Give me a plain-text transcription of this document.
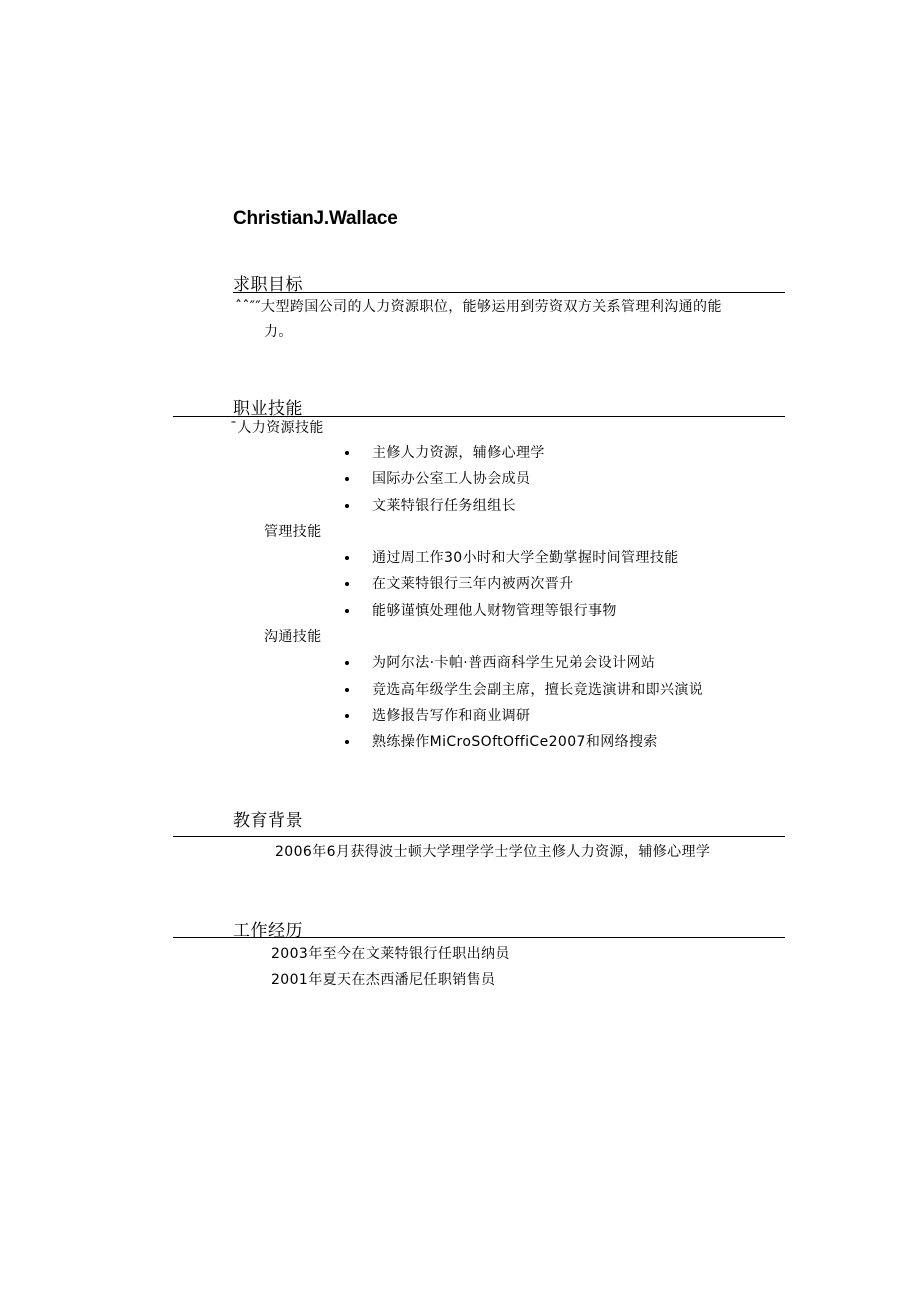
ChristianJ.Wallace
求职目标
ˆˆ″″大型跨国公司的人力资源职位，能够运用到劳资双方关系管理利沟通的能
力。
职业技能
¯人力资源技能
主修人力资源，辅修心理学
国际办公室工人协会成员
文莱特银行任务组组长
管理技能
通过周工作30小时和大学全勤掌握时间管理技能
在文莱特银行三年内被两次晋升
能够谨慎处理他人财物管理等银行事物
沟通技能
为阿尔法·卡帕·普西商科学生兄弟会设计网站
竞选高年级学生会副主席，擅长竞选演讲和即兴演说
选修报告写作和商业调研
熟练操作MiCroSOftOffiCe2007和网络搜索
教育背景
2006年6月获得波士顿大学理学学士学位主修人力资源，辅修心理学
工作经历
2003年至今在文莱特银行任职出纳员
2001年夏天在杰西潘尼任职销售员
